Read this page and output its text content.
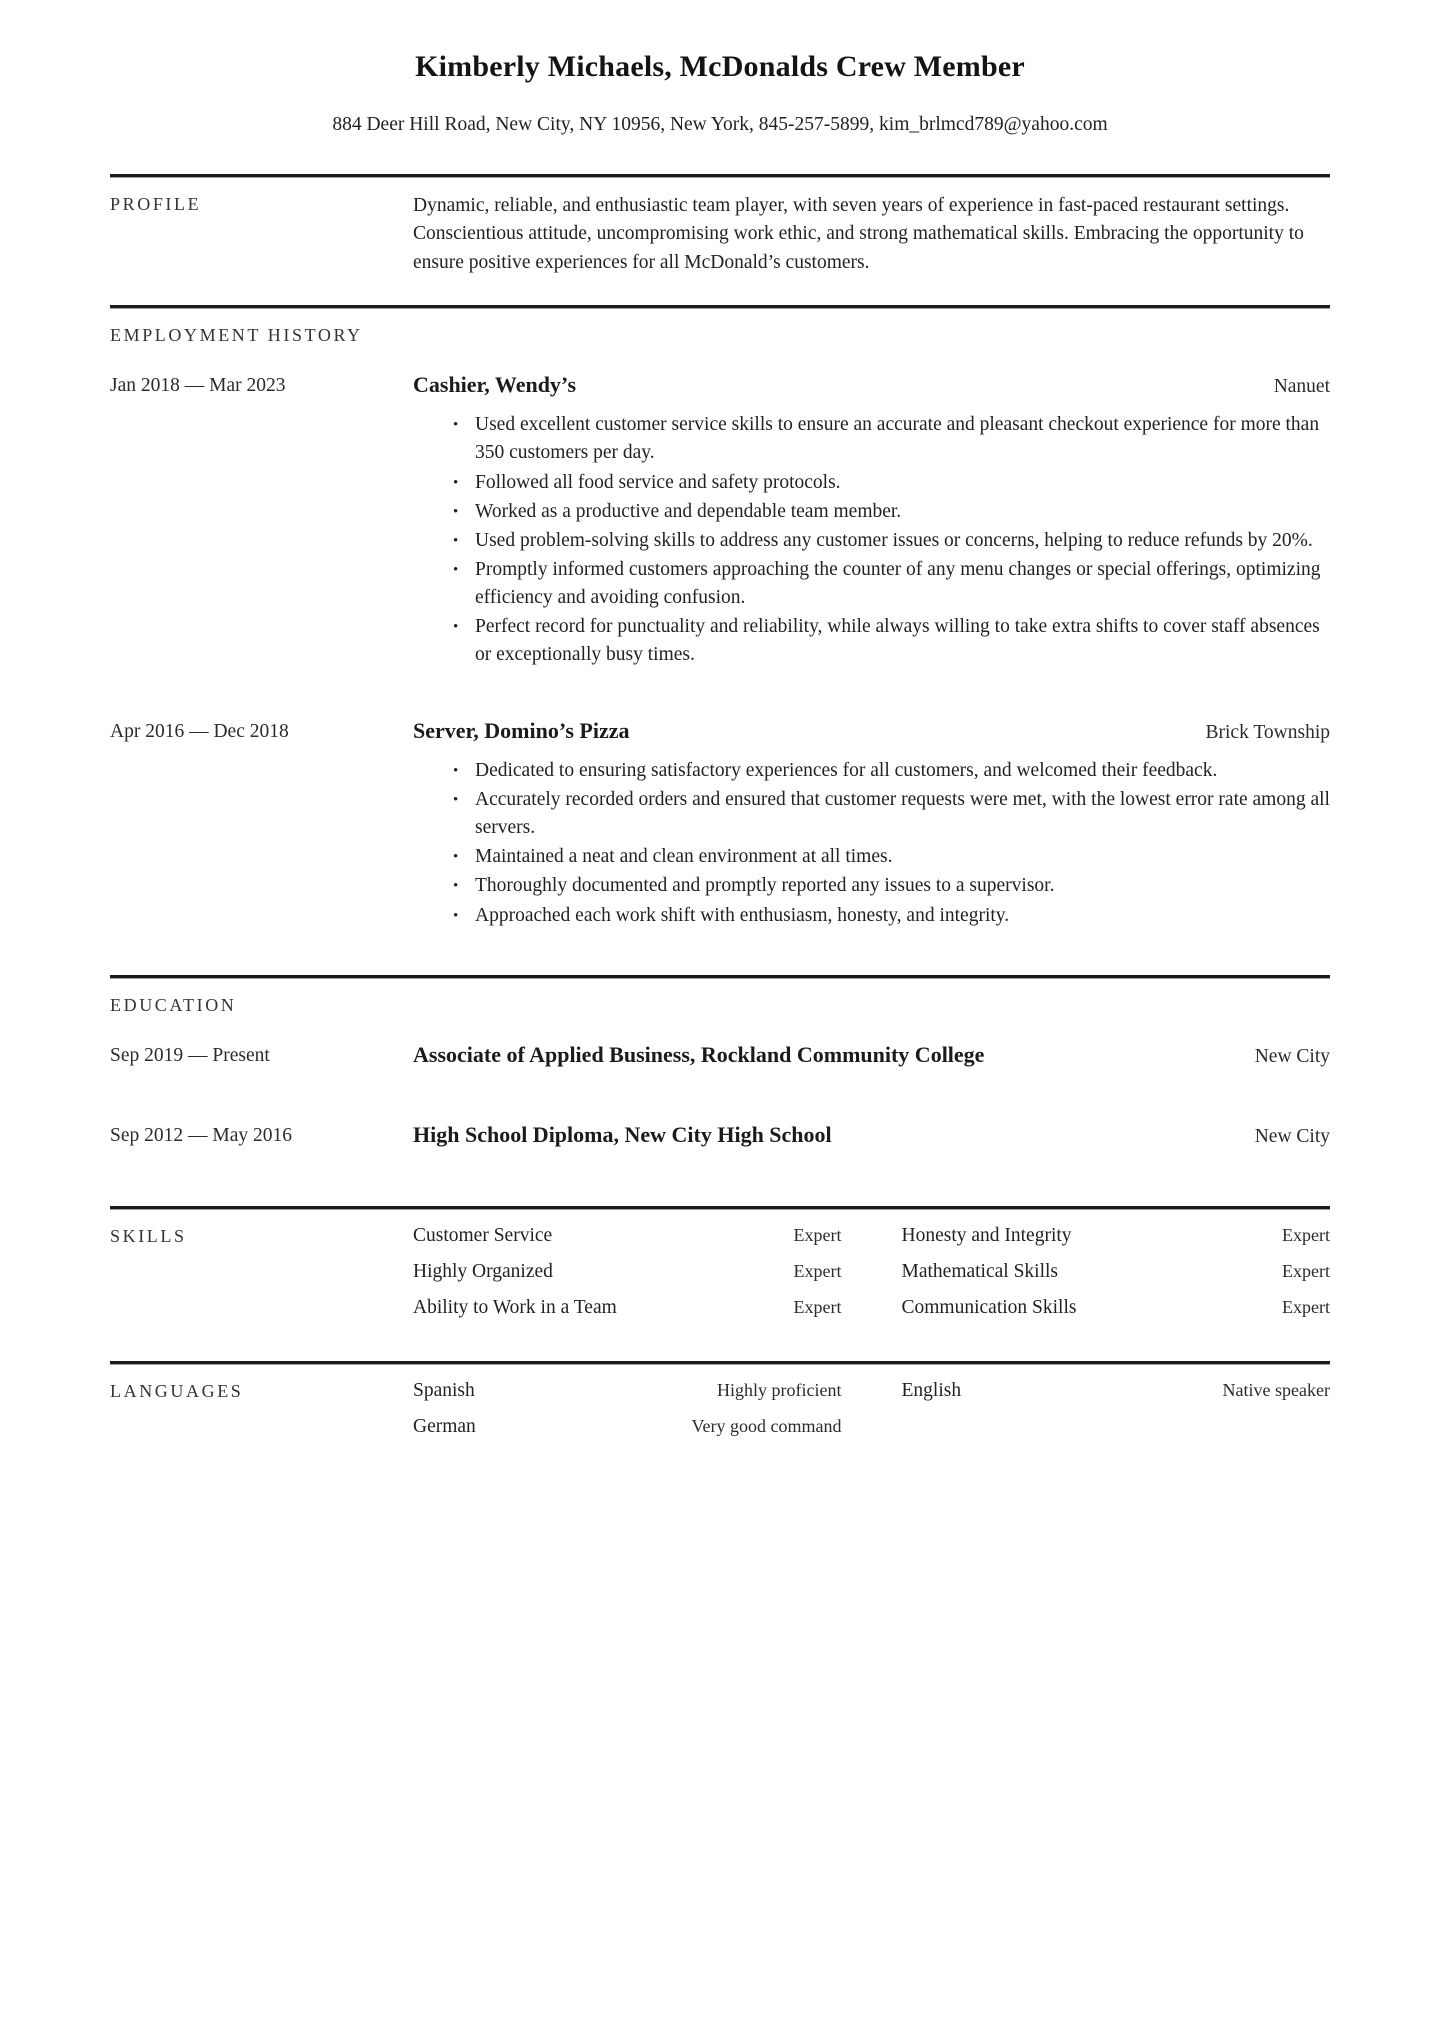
Kimberly Michaels, McDonalds Crew Member
884 Deer Hill Road, New City, NY 10956, New York, 845-257-5899, kim_brlmcd789@yahoo.com
PROFILE	Dynamic, reliable, and enthusiastic team player, with seven years of experience in fast-paced restaurant settings. Conscientious attitude, uncompromising work ethic, and strong mathematical skills. Embracing the opportunity to ensure positive experiences for all McDonald’s customers.

EMPLOYMENT HISTORY
Jan 2018 — Mar 2023	Cashier, Wendy’s	Nanuet
• Used excellent customer service skills to ensure an accurate and pleasant checkout experience for more than 350 customers per day.
• Followed all food service and safety protocols.
• Worked as a productive and dependable team member.
• Used problem-solving skills to address any customer issues or concerns, helping to reduce refunds by 20%.
• Promptly informed customers approaching the counter of any menu changes or special offerings, optimizing efficiency and avoiding confusion.
• Perfect record for punctuality and reliability, while always willing to take extra shifts to cover staff absences or exceptionally busy times.
Apr 2016 — Dec 2018	Server, Domino’s Pizza	Brick Township
• Dedicated to ensuring satisfactory experiences for all customers, and welcomed their feedback.
• Accurately recorded orders and ensured that customer requests were met, with the lowest error rate among all servers.
• Maintained a neat and clean environment at all times.
• Thoroughly documented and promptly reported any issues to a supervisor.
• Approached each work shift with enthusiasm, honesty, and integrity.
EDUCATION
Sep 2019 — Present	Associate of Applied Business, Rockland Community College	New City
Sep 2012 — May 2016	High School Diploma, New City High School	New City
SKILLS	Customer Service	Expert	Honesty and Integrity	Expert
Highly Organized	Expert	Mathematical Skills	Expert
Ability to Work in a Team	Expert	Communication Skills	Expert
LANGUAGES	Spanish	Highly proficient	English	Native speaker
German	Very good command
